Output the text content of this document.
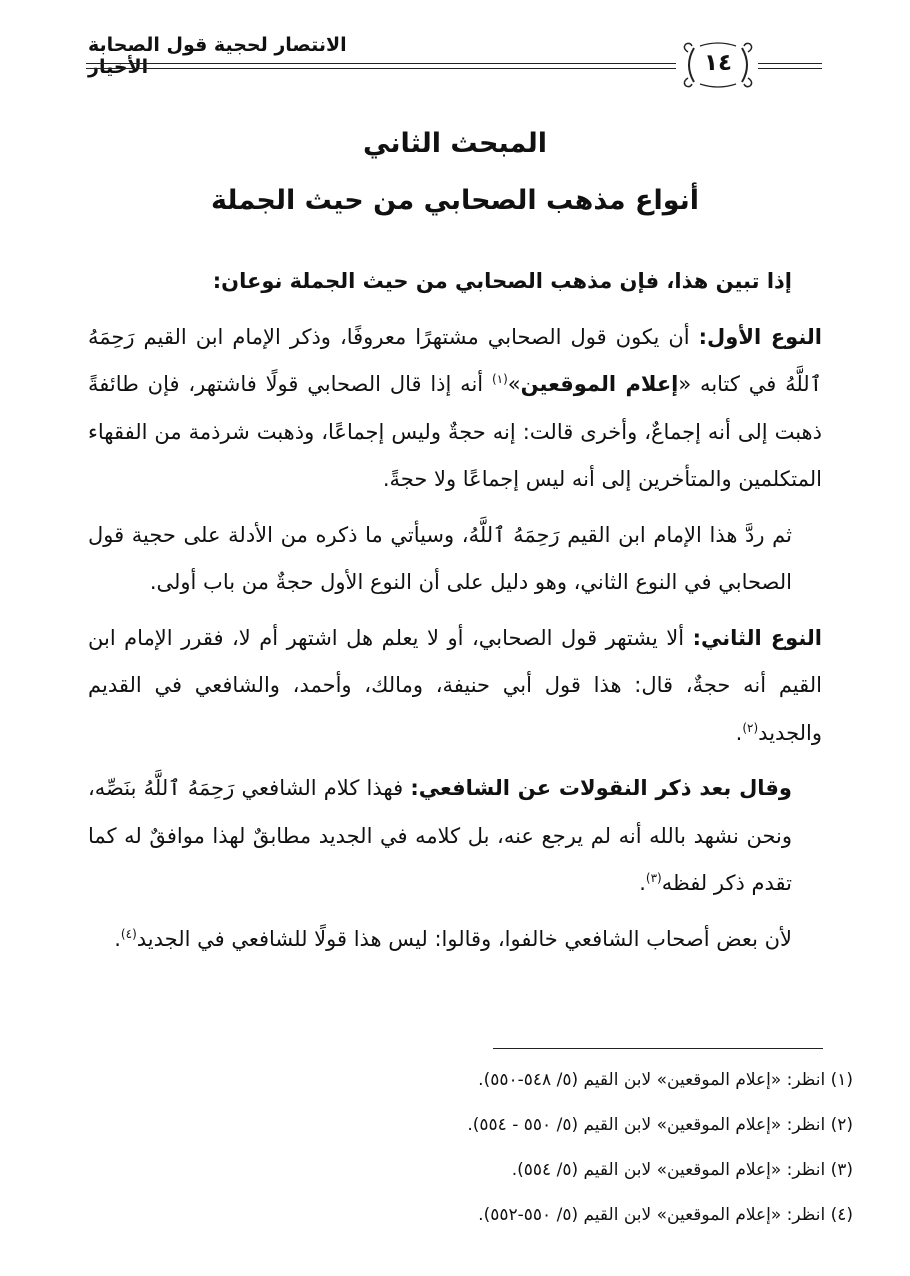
الانتصار لحجية قول الصحابة الأخيار	١٤
المبحث الثاني
أنواع مذهب الصحابي من حيث الجملة

إذا تبين هذا، فإن مذهب الصحابي من حيث الجملة نوعان:

النوع الأول: أن يكون قول الصحابي مشتهرًا معروفًا، وذكر الإمام ابن القيم رَحِمَهُ ٱللَّهُ في كتابه «إعلام الموقعين»$^{(١)}$ أنه إذا قال الصحابي قولًا فاشتهر، فإن طائفةً ذهبت إلى أنه إجماعٌ، وأخرى قالت: إنه حجةٌ وليس إجماعًا، وذهبت شرذمة من الفقهاء المتكلمين والمتأخرين إلى أنه ليس إجماعًا ولا حجةً.

ثم ردَّ هذا الإمام ابن القيم رَحِمَهُ ٱللَّهُ، وسيأتي ما ذكره من الأدلة على حجية قول الصحابي في النوع الثاني، وهو دليل على أن النوع الأول حجةٌ من باب أولى.

النوع الثاني: ألا يشتهر قول الصحابي، أو لا يعلم هل اشتهر أم لا، فقرر الإمام ابن القيم أنه حجةٌ، قال: هذا قول أبي حنيفة، ومالك، وأحمد، والشافعي في القديم والجديد$^{(٢)}$.

وقال بعد ذكر النقولات عن الشافعي: فهذا كلام الشافعي رَحِمَهُ ٱللَّهُ بنَصِّه، ونحن نشهد بالله أنه لم يرجع عنه، بل كلامه في الجديد مطابقٌ لهذا موافقٌ له كما تقدم ذكر لفظه$^{(٣)}$.

لأن بعض أصحاب الشافعي خالفوا، وقالوا: ليس هذا قولًا للشافعي في الجديد$^{(٤)}$.

(١) انظر: «إعلام الموقعين» لابن القيم (٥/ ٥٤٨-٥٥٠).
(٢) انظر: «إعلام الموقعين» لابن القيم (٥/ ٥٥٠ - ٥٥٤).
(٣) انظر: «إعلام الموقعين» لابن القيم (٥/ ٥٥٤).
(٤) انظر: «إعلام الموقعين» لابن القيم (٥/ ٥٥٠-٥٥٢).
